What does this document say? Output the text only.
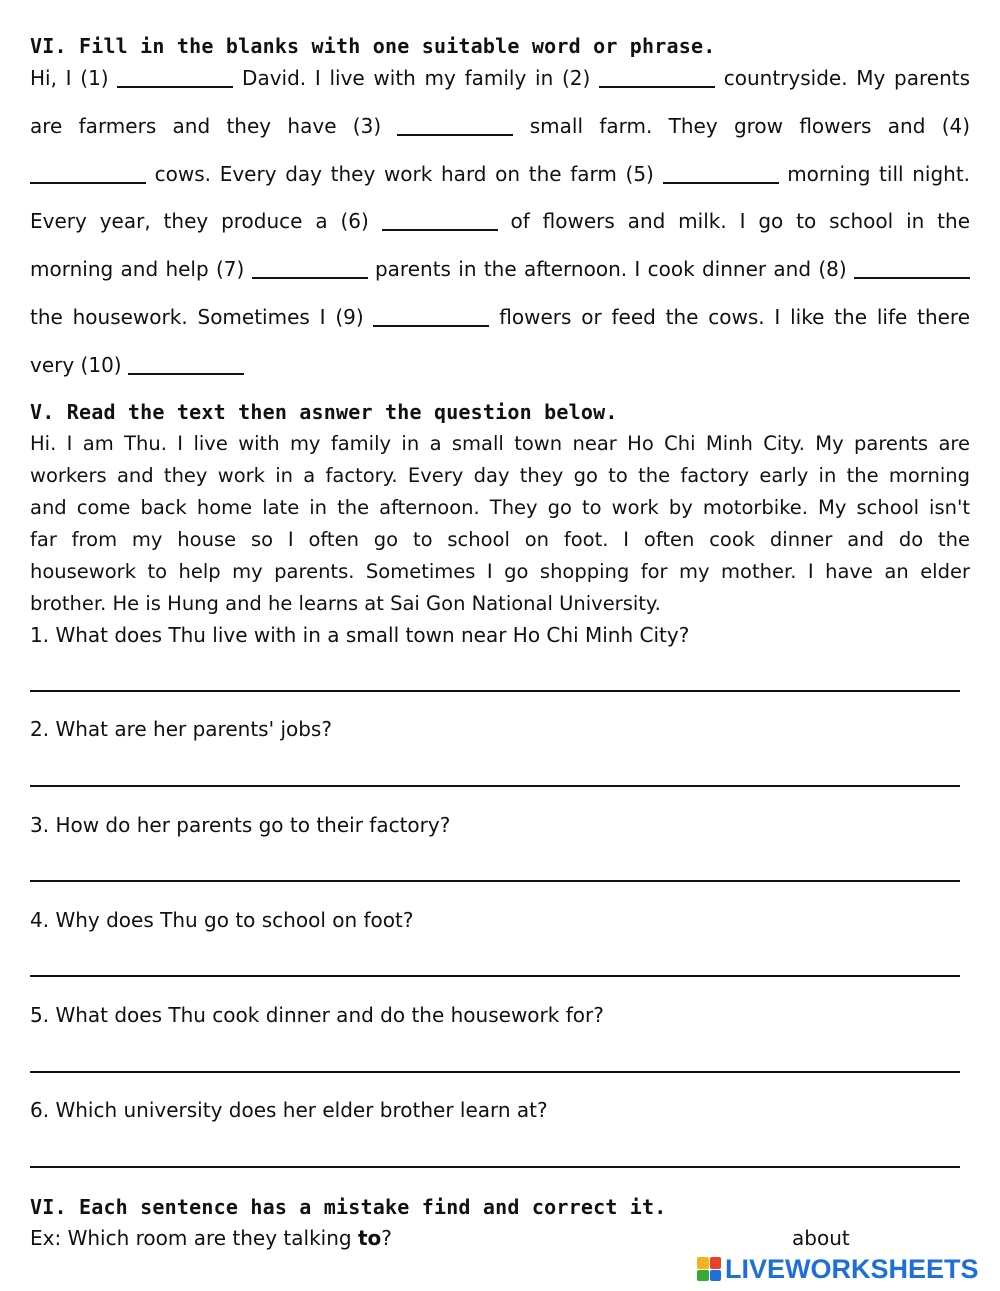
VI. Fill in the blanks with one suitable word or phrase.
Hi, I (1)	David. I live with my family in (2)	countryside. My parents
are farmers and they have (3)	small farm. They grow flowers and (4)
cows. Every day they work hard on the farm (5)	morning till night.
Every year, they produce a (6)	of flowers and milk. I go to school in the
morning and help (7)	parents in the afternoon. I cook dinner and (8)
the housework. Sometimes I (9)	flowers or feed the cows. I like the life there
very (10)
V. Read the text then asnwer the question below.
Hi. I am Thu. I live with my family in a small town near Ho Chi Minh City. My parents are
workers and they work in a factory. Every day they go to the factory early in the morning
and come back home late in the afternoon. They go to work by motorbike. My school isn't
far from my house so I often go to school on foot. I often cook dinner and do the
housework to help my parents. Sometimes I go shopping for my mother. I have an elder
brother. He is Hung and he learns at Sai Gon National University.
1. What does Thu live with in a small town near Ho Chi Minh City?
2. What are her parents' jobs?
3. How do her parents go to their factory?
4. Why does Thu go to school on foot?
5. What does Thu cook dinner and do the housework for?
6. Which university does her elder brother learn at?
VI. Each sentence has a mistake find and correct it.
Ex: Which room are they talking to?	about
LIVEWORKSHEETS
